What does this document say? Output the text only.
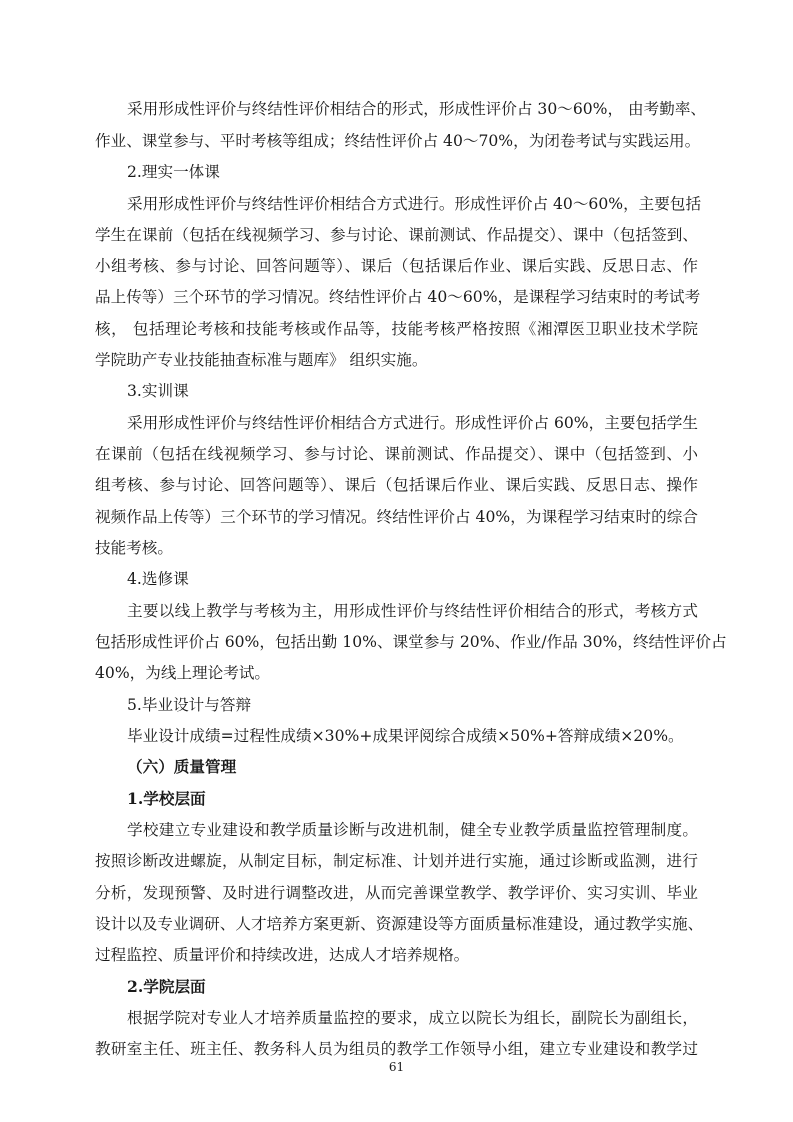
采用形成性评价与终结性评价相结合的形式，形成性评价占 30～60%， 由考勤率、
作业、课堂参与、平时考核等组成；终结性评价占 40～70%，为闭卷考试与实践运用。
2.理实一体课
采用形成性评价与终结性评价相结合方式进行。形成性评价占 40～60%，主要包括
学生在课前（包括在线视频学习、参与讨论、课前测试、作品提交）、课中（包括签到、
小组考核、参与讨论、回答问题等）、课后（包括课后作业、课后实践、反思日志、作
品上传等）三个环节的学习情况。终结性评价占 40～60%，是课程学习结束时的考试考
核， 包括理论考核和技能考核或作品等，技能考核严格按照《湘潭医卫职业技术学院
学院助产专业技能抽查标准与题库》 组织实施。
3.实训课
采用形成性评价与终结性评价相结合方式进行。形成性评价占 60%，主要包括学生
在课前（包括在线视频学习、参与讨论、课前测试、作品提交）、课中（包括签到、小
组考核、参与讨论、回答问题等）、课后（包括课后作业、课后实践、反思日志、操作
视频作品上传等）三个环节的学习情况。终结性评价占 40%，为课程学习结束时的综合
技能考核。
4.选修课
主要以线上教学与考核为主，用形成性评价与终结性评价相结合的形式，考核方式
包括形成性评价占 60%，包括出勤 10%、课堂参与 20%、作业/作品 30%，终结性评价占
40%，为线上理论考试。
5.毕业设计与答辩
毕业设计成绩=过程性成绩×30%+成果评阅综合成绩×50%+答辩成绩×20%。
（六）质量管理
1.学校层面
学校建立专业建设和教学质量诊断与改进机制，健全专业教学质量监控管理制度。
按照诊断改进螺旋，从制定目标，制定标准、计划并进行实施，通过诊断或监测，进行
分析，发现预警、及时进行调整改进，从而完善课堂教学、教学评价、实习实训、毕业
设计以及专业调研、人才培养方案更新、资源建设等方面质量标准建设，通过教学实施、
过程监控、质量评价和持续改进，达成人才培养规格。
2.学院层面
根据学院对专业人才培养质量监控的要求，成立以院长为组长，副院长为副组长，
教研室主任、班主任、教务科人员为组员的教学工作领导小组，建立专业建设和教学过
61
